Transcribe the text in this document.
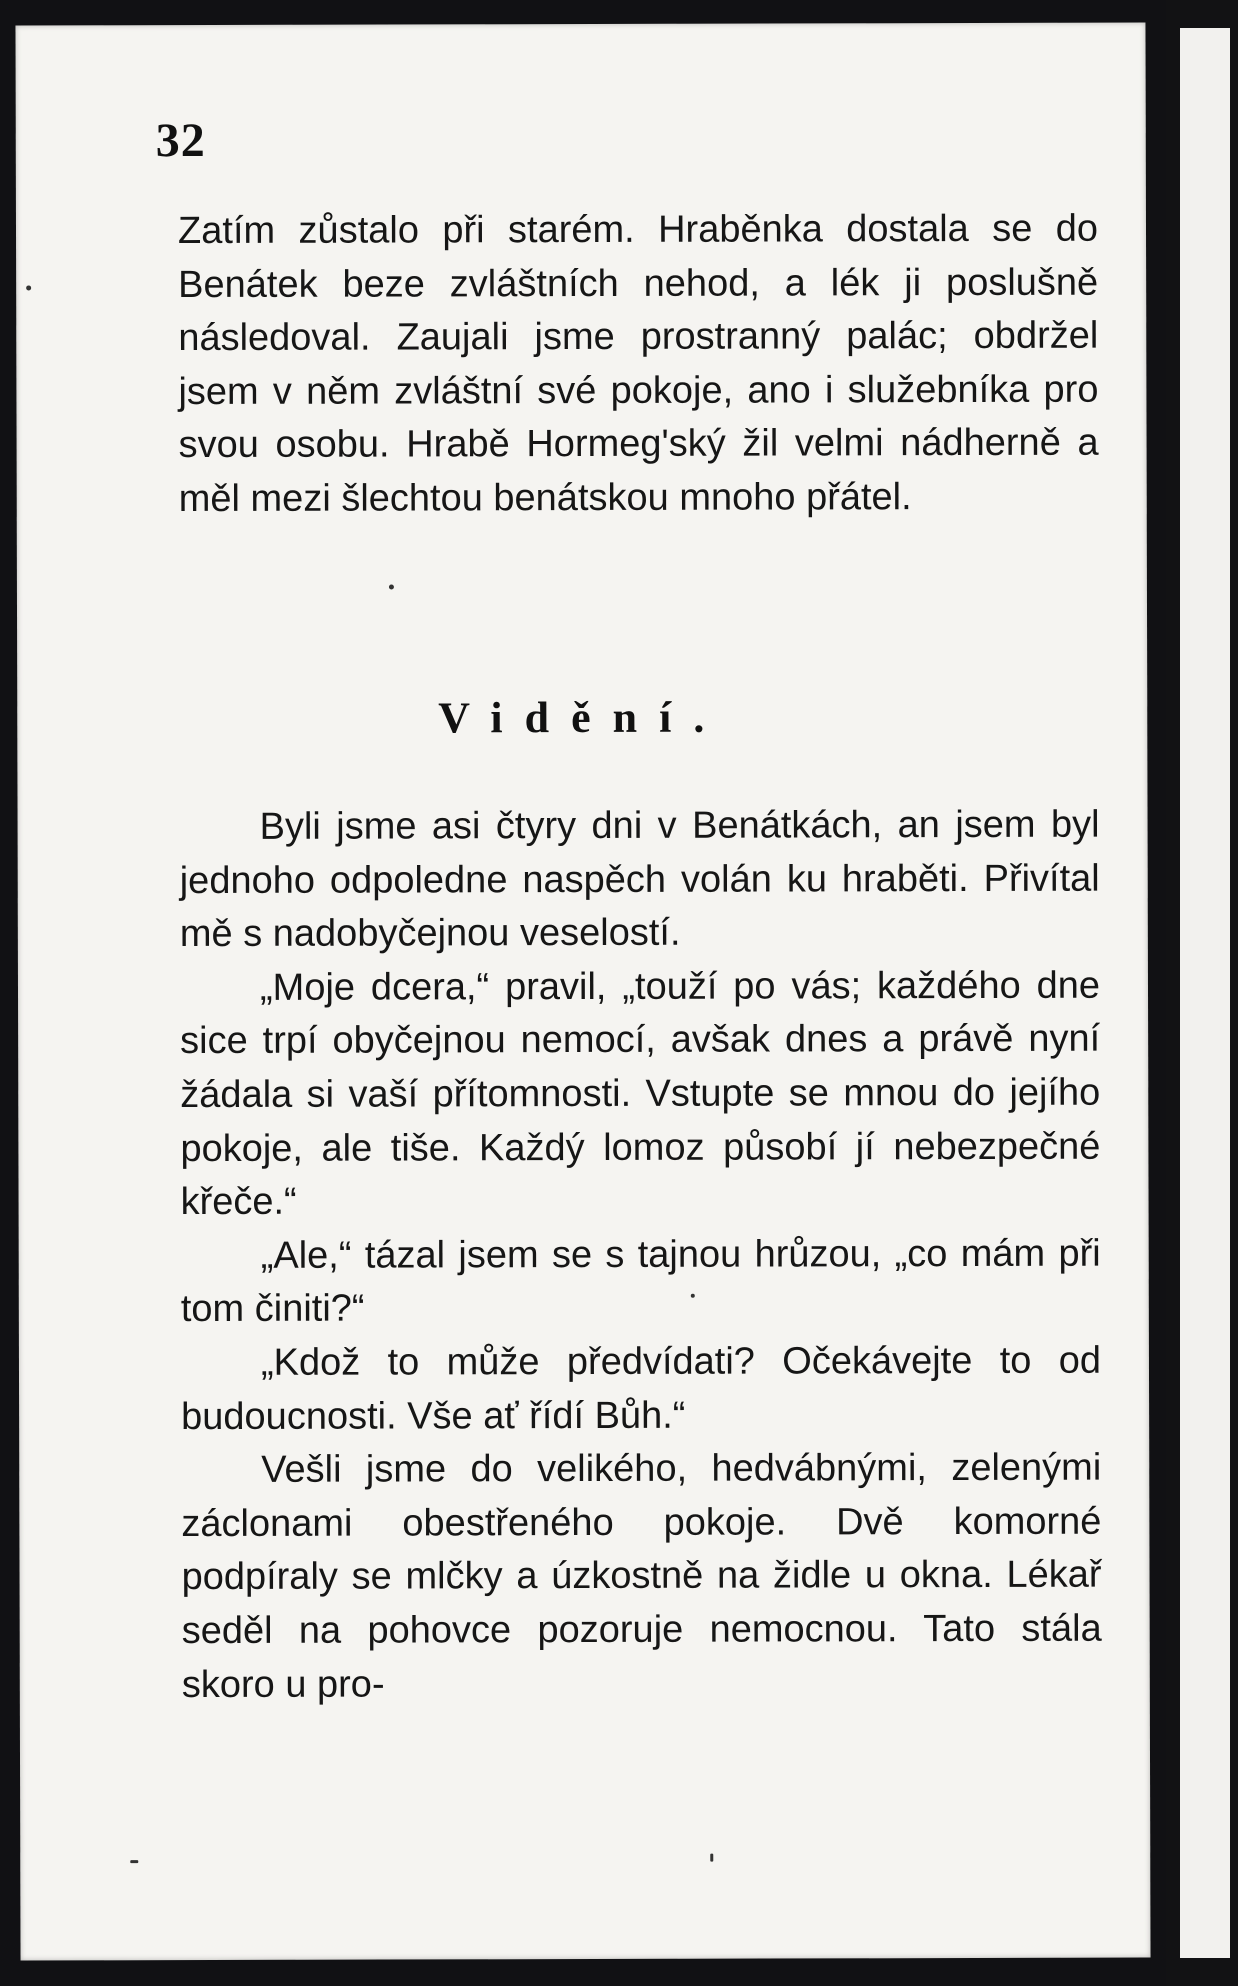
32
Zatím zůstalo při starém. Hraběnka dostala se do Benátek beze zvláštních nehod, a lék ji poslušně následoval. Zaujali jsme prostranný palác; obdržel jsem v něm zvláštní své pokoje, ano i služebníka pro svou osobu. Hrabě Hormeg'ský žil velmi nádherně a měl mezi šlechtou benátskou mnoho přátel.
Vidění.

Byli jsme asi čtyry dni v Benátkách, an jsem byl jednoho odpoledne naspěch volán ku hraběti. Přivítal mě s nadobyčejnou veselostí.

„Moje dcera,“ pravil, „touží po vás; každého dne sice trpí obyčejnou nemocí, avšak dnes a právě nyní žádala si vaší přítomnosti. Vstupte se mnou do jejího pokoje, ale tiše. Každý lomoz působí jí nebezpečné křeče.“

„Ale,“ tázal jsem se s tajnou hrůzou, „co mám při tom činiti?“

„Kdož to může předvídati? Očekávejte to od budoucnosti. Vše ať řídí Bůh.“

Vešli jsme do velikého, hedvábnými, zelenými záclonami obestřeného pokoje. Dvě komorné podpíraly se mlčky a úzkostně na židle u okna. Lékař seděl na pohovce pozoruje nemocnou. Tato stála skoro u pro-
